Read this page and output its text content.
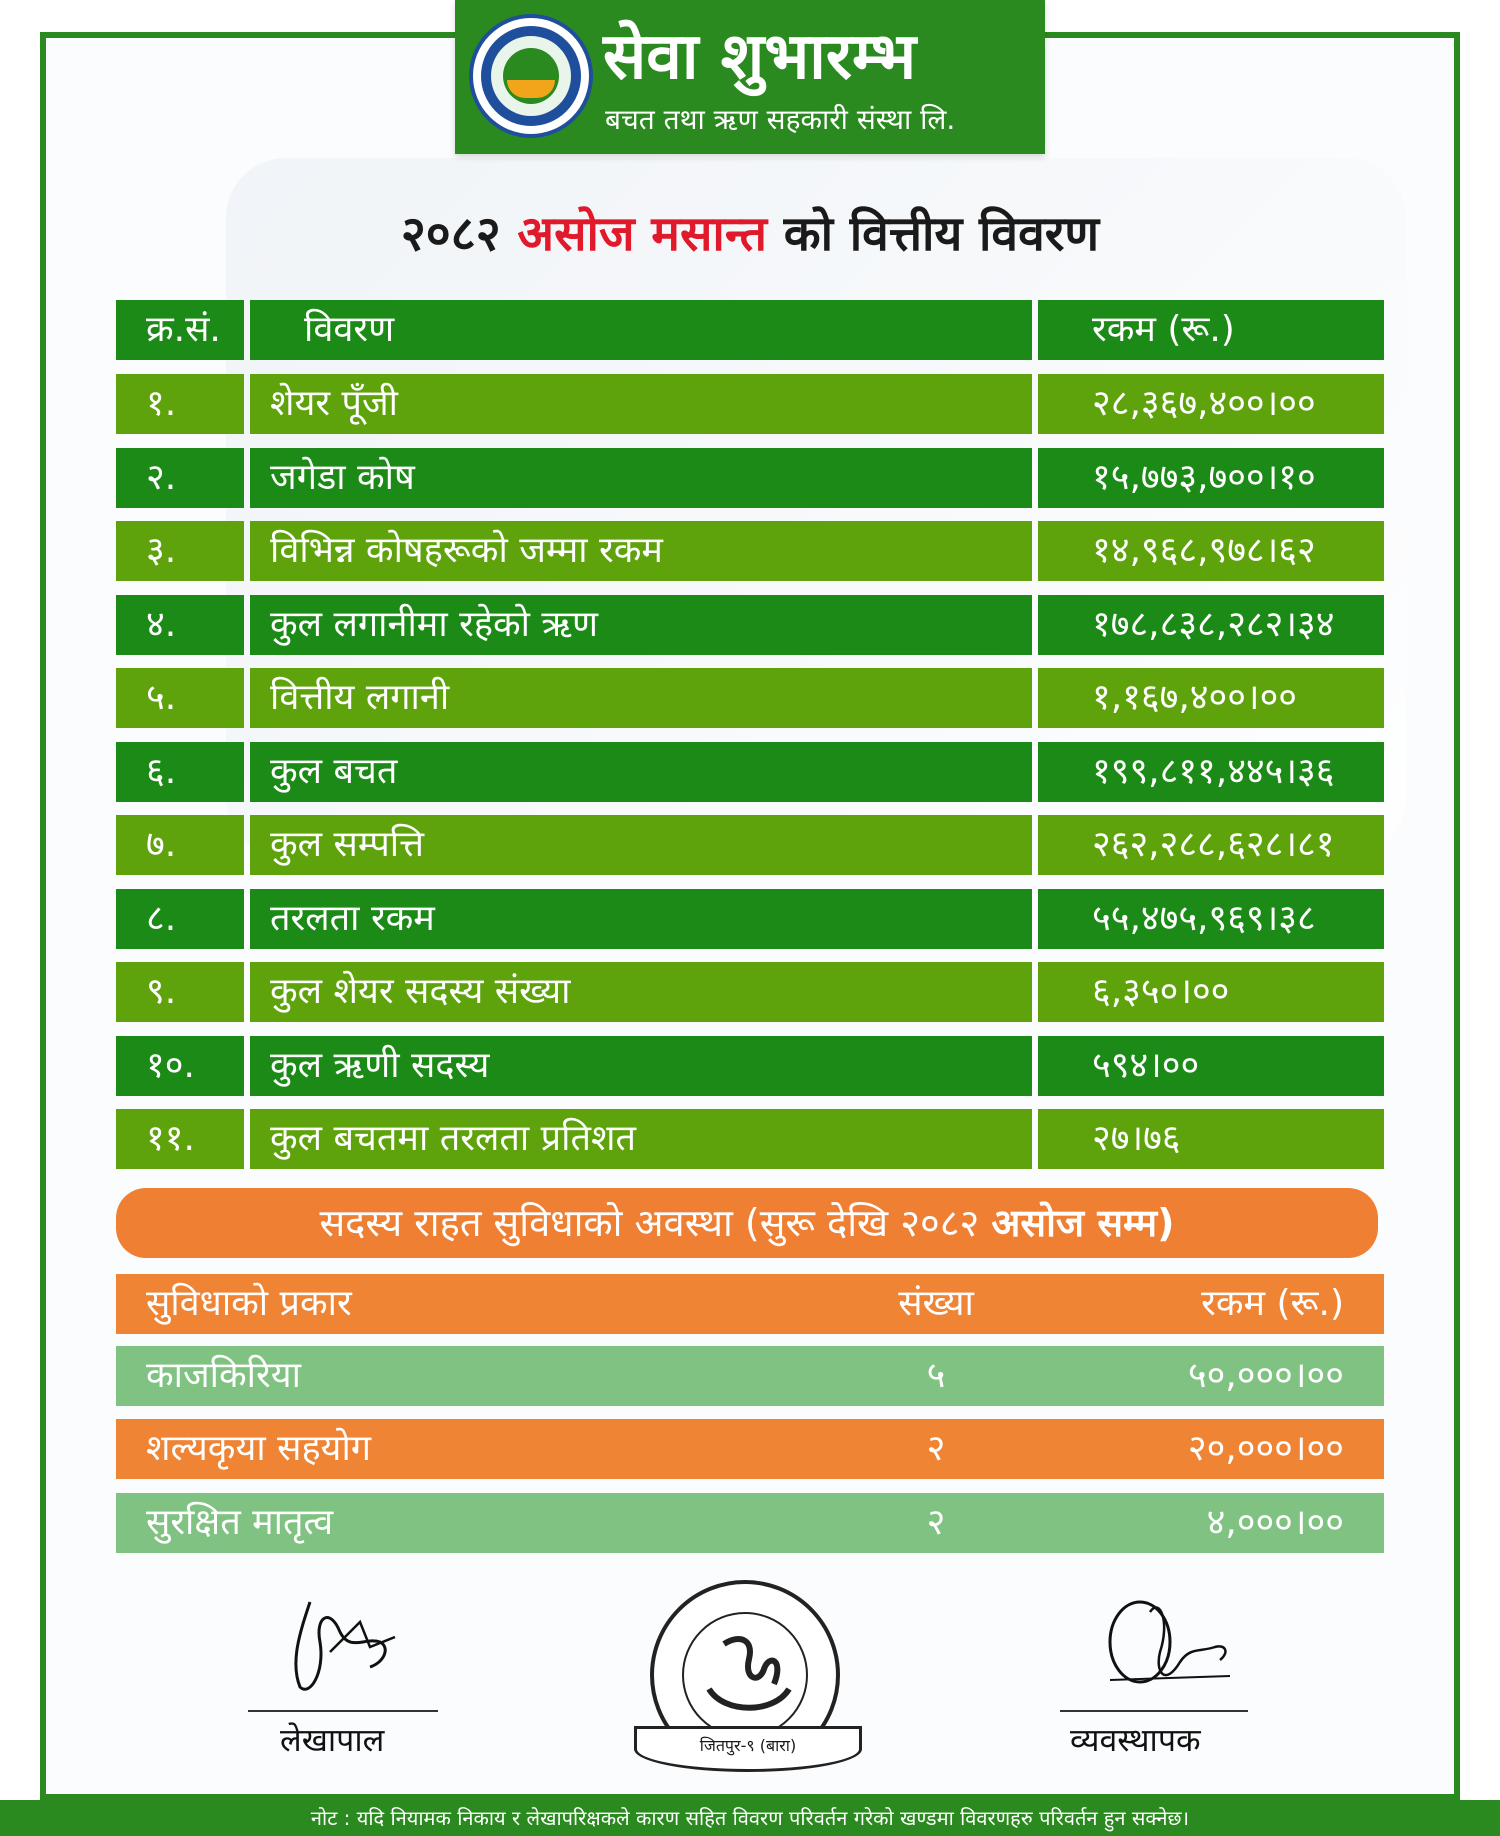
सेवा शुभारम्भ
बचत तथा ऋण सहकारी संस्था लि.
२०८२ असोज मसान्त को वित्तीय विवरण
क्र.सं.	विवरण	रकम (रू.)
१.	शेयर पूँजी	२८,३६७,४००।००
२.	जगेडा कोष	१५,७७३,७००।१०
३.	विभिन्न कोषहरूको जम्मा रकम	१४,९६८,९७८।६२
४.	कुल लगानीमा रहेको ऋण	१७८,८३८,२८२।३४
५.	वित्तीय लगानी	१,१६७,४००।००
६.	कुल बचत	१९९,८११,४४५।३६
७.	कुल सम्पत्ति	२६२,२८८,६२८।८१
८.	तरलता रकम	५५,४७५,९६९।३८
९.	कुल शेयर सदस्य संख्या	६,३५०।००
१०.	कुल ऋणी सदस्य	५९४।००
११.	कुल बचतमा तरलता प्रतिशत	२७।७६
सदस्य राहत सुविधाको अवस्था (सुरू देखि २०८२ असोज सम्म)
सुविधाको प्रकार	संख्या	रकम (रू.)
काजकिरिया	५	५०,०००।००
शल्यकृया सहयोग	२	२०,०००।००
सुरक्षित मातृत्व	२	४,०००।००
लेखापाल	व्यवस्थापक
जितपुर-९ (बारा)
नोट : यदि नियामक निकाय र लेखापरिक्षकले कारण सहित विवरण परिवर्तन गरेको खण्डमा विवरणहरु परिवर्तन हुन सक्नेछ।
